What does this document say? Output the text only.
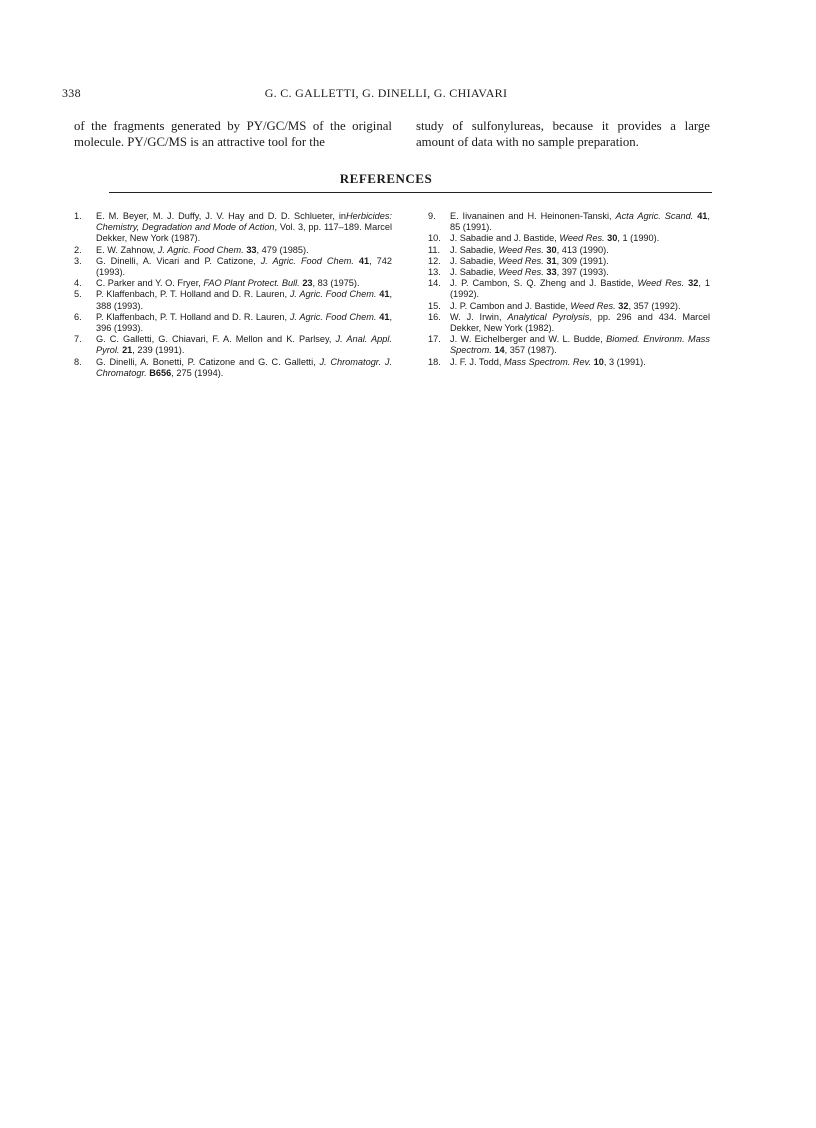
338	G. C. GALLETTI, G. DINELLI, G. CHIAVARI
of the fragments generated by PY/GC/MS of the original molecule. PY/GC/MS is an attractive tool for the
study of sulfonylureas, because it provides a large amount of data with no sample preparation.
REFERENCES
1.	E. M. Beyer, M. J. Duffy, J. V. Hay and D. D. Schlueter, inHerbicides: Chemistry, Degradation and Mode of Action, Vol. 3, pp. 117–189. Marcel Dekker, New York (1987).
2.	E. W. Zahnow, J. Agric. Food Chem. 33, 479 (1985).
3.	G. Dinelli, A. Vicari and P. Catizone, J. Agric. Food Chem. 41, 742 (1993).
4.	C. Parker and Y. O. Fryer, FAO Plant Protect. Bull. 23, 83 (1975).
5.	P. Klaffenbach, P. T. Holland and D. R. Lauren, J. Agric. Food Chem. 41, 388 (1993).
6.	P. Klaffenbach, P. T. Holland and D. R. Lauren, J. Agric. Food Chem. 41, 396 (1993).
7.	G. C. Galletti, G. Chiavari, F. A. Mellon and K. Parlsey, J. Anal. Appl. Pyrol. 21, 239 (1991).
8.	G. Dinelli, A. Bonetti, P. Catizone and G. C. Galletti, J. Chromatogr. J. Chromatogr. B656, 275 (1994).
9.	E. Iivanainen and H. Heinonen-Tanski, Acta Agric. Scand. 41, 85 (1991).
10.	J. Sabadie and J. Bastide, Weed Res. 30, 1 (1990).
11.	J. Sabadie, Weed Res. 30, 413 (1990).
12.	J. Sabadie, Weed Res. 31, 309 (1991).
13.	J. Sabadie, Weed Res. 33, 397 (1993).
14.	J. P. Cambon, S. Q. Zheng and J. Bastide, Weed Res. 32, 1 (1992).
15.	J. P. Cambon and J. Bastide, Weed Res. 32, 357 (1992).
16.	W. J. Irwin, Analytical Pyrolysis, pp. 296 and 434. Marcel Dekker, New York (1982).
17.	J. W. Eichelberger and W. L. Budde, Biomed. Environm. Mass Spectrom. 14, 357 (1987).
18.	J. F. J. Todd, Mass Spectrom. Rev. 10, 3 (1991).
